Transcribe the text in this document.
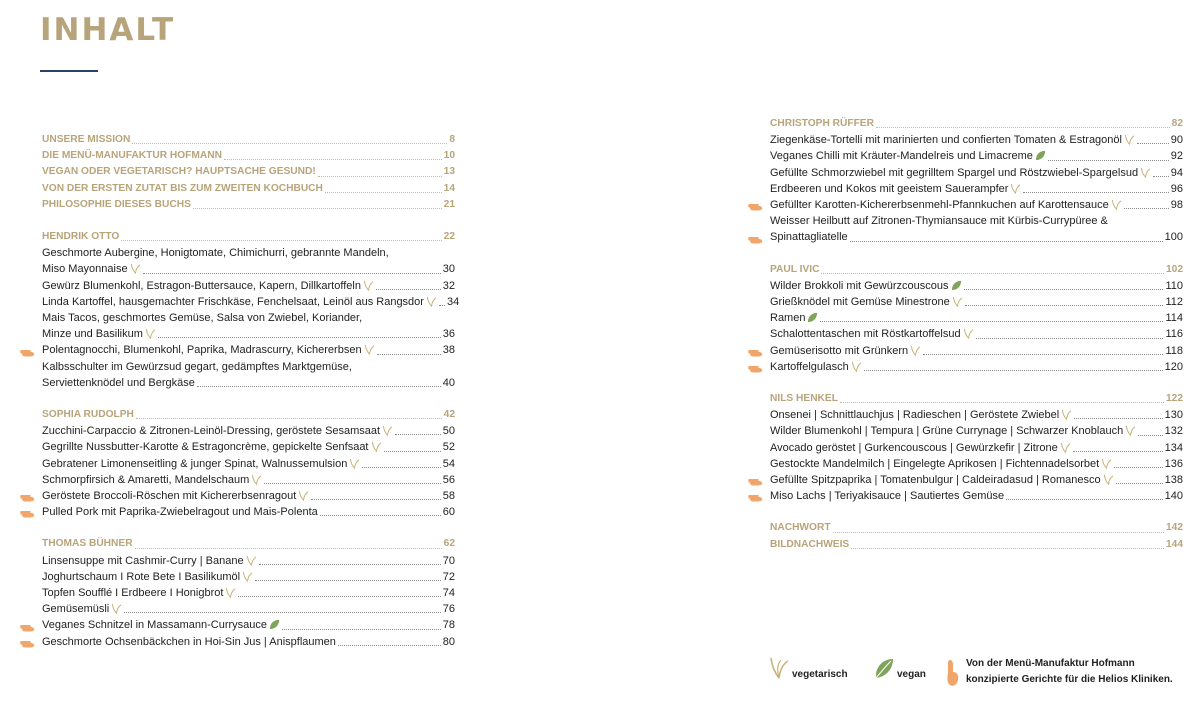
INHALT
UNSERE MISSION	8
DIE MENÜ-MANUFAKTUR HOFMANN	10
VEGAN ODER VEGETARISCH? HAUPTSACHE GESUND!	13
VON DER ERSTEN ZUTAT BIS ZUM ZWEITEN KOCHBUCH	14
PHILOSOPHIE DIESES BUCHS	21
HENDRIK OTTO	22
Geschmorte Aubergine, Honigtomate, Chimichurri, gebrannte Mandeln,
Miso Mayonnaise	30
Gewürz Blumenkohl, Estragon-Buttersauce, Kapern, Dillkartoffeln	32
Linda Kartoffel, hausgemachter Frischkäse, Fenchelsaat, Leinöl aus Rangsdor	34
Mais Tacos, geschmortes Gemüse, Salsa von Zwiebel, Koriander,
Minze und Basilikum	36
Polentagnocchi, Blumenkohl, Paprika, Madrascurry, Kichererbsen	38
Kalbsschulter im Gewürzsud gegart, gedämpftes Marktgemüse,
Serviettenknödel und Bergkäse	40
SOPHIA RUDOLPH	42
Zucchini-Carpaccio & Zitronen-Leinöl-Dressing, geröstete Sesamsaat	50
Gegrillte Nussbutter-Karotte & Estragoncrème, gepickelte Senfsaat	52
Gebratener Limonenseitling & junger Spinat, Walnussemulsion	54
Schmorpfirsich & Amaretti, Mandelschaum	56
Geröstete Broccoli-Röschen mit Kichererbsenragout	58
Pulled Pork mit Paprika-Zwiebelragout und Mais-Polenta	60
THOMAS BÜHNER	62
Linsensuppe mit Cashmir-Curry | Banane	70
Joghurtschaum I Rote Bete I Basilikumöl	72
Topfen Soufflé I Erdbeere I Honigbrot	74
Gemüsemüsli	76
Veganes Schnitzel in Massamann-Currysauce	78
Geschmorte Ochsenbäckchen in Hoi-Sin Jus | Anispflaumen	80
CHRISTOPH RÜFFER	82
Ziegenkäse-Tortelli mit marinierten und confierten Tomaten & Estragonöl	90
Veganes Chilli mit Kräuter-Mandelreis und Limacreme	92
Gefüllte Schmorzwiebel mit gegrilltem Spargel und Röstzwiebel-Spargelsud	94
Erdbeeren und Kokos mit geeistem Sauerampfer	96
Gefüllter Karotten-Kichererbsenmehl-Pfannkuchen auf Karottensauce	98
Weisser Heilbutt auf Zitronen-Thymiansauce mit Kürbis-Currypüree &
Spinattagliatelle	100
PAUL IVIC	102
Wilder Brokkoli mit Gewürzcouscous	110
Grießknödel mit Gemüse Minestrone	112
Ramen	114
Schalottentaschen mit Röstkartoffelsud	116
Gemüserisotto mit Grünkern	118
Kartoffelgulasch	120
NILS HENKEL	122
Onsenei | Schnittlauchjus | Radieschen | Geröstete Zwiebel	130
Wilder Blumenkohl | Tempura | Grüne Currynage | Schwarzer Knoblauch	132
Avocado geröstet | Gurkencouscous | Gewürzkefir | Zitrone	134
Gestockte Mandelmilch | Eingelegte Aprikosen | Fichtennadelsorbet	136
Gefüllte Spitzpaprika | Tomatenbulgur | Caldeiradasud | Romanesco	138
Miso Lachs | Teriyakisauce | Sautiertes Gemüse	140
NACHWORT	142
BILDNACHWEIS	144
vegetarisch	vegan
Von der Menü-Manufaktur Hofmann
konzipierte Gerichte für die Helios Kliniken.
